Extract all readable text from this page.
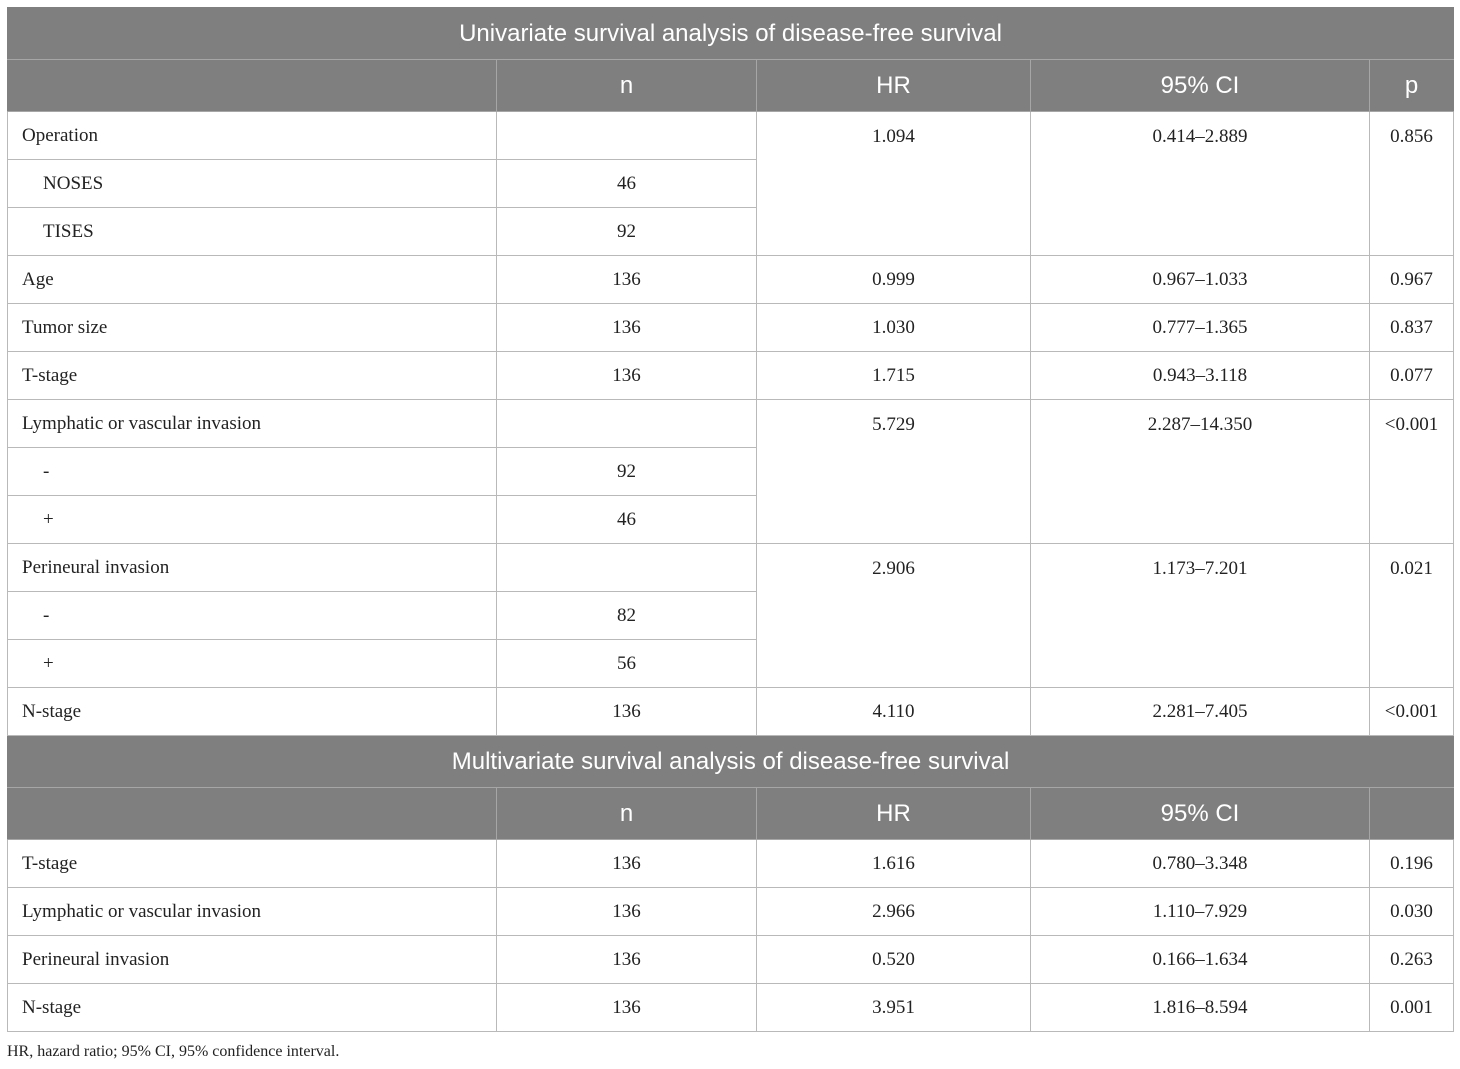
Univariate survival analysis of disease-free survival				
	n	HR	95% CI	p
Operation		1.094	0.414–2.889	0.856
NOSES	46			
TISES	92			
Age	136	0.999	0.967–1.033	0.967
Tumor size	136	1.030	0.777–1.365	0.837
T-stage	136	1.715	0.943–3.118	0.077
Lymphatic or vascular invasion		5.729	2.287–14.350	<0.001
-	92			
+	46			
Perineural invasion		2.906	1.173–7.201	0.021
-	82			
+	56			
N-stage	136	4.110	2.281–7.405	<0.001
Multivariate survival analysis of disease-free survival				
	n	HR	95% CI	
T-stage	136	1.616	0.780–3.348	0.196
Lymphatic or vascular invasion	136	2.966	1.110–7.929	0.030
Perineural invasion	136	0.520	0.166–1.634	0.263
N-stage	136	3.951	1.816–8.594	0.001
HR, hazard ratio; 95% CI, 95% confidence interval.
